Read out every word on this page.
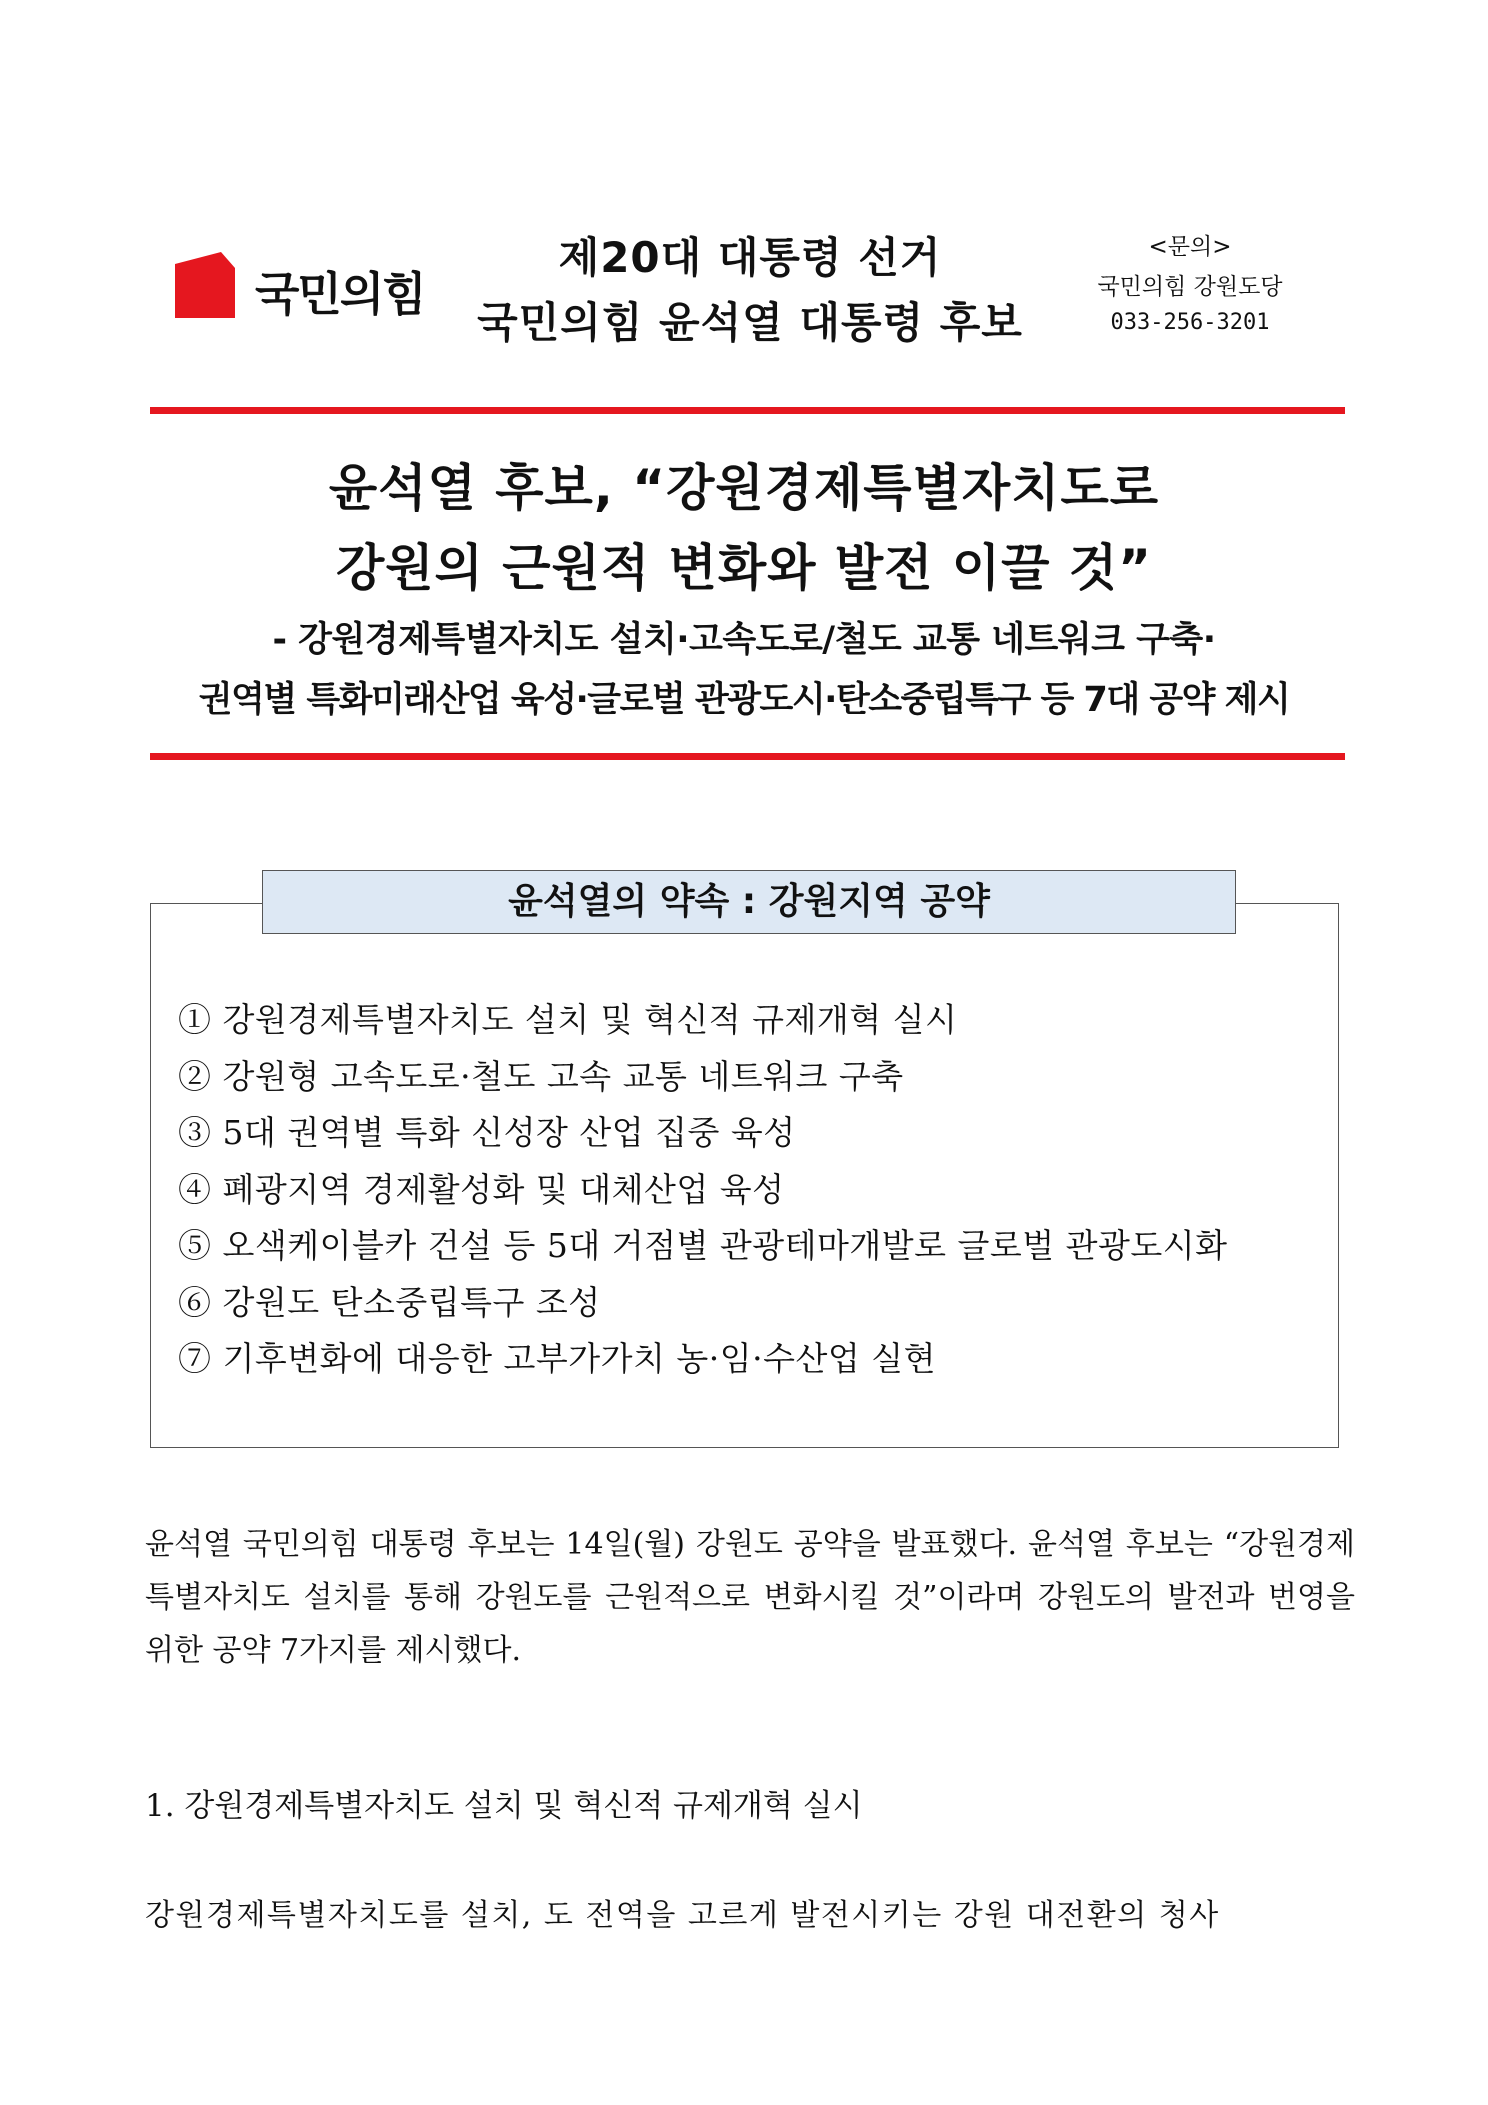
국민의힘
제20대 대통령 선거
국민의힘 윤석열 대통령 후보
<문의>
국민의힘 강원도당
033-256-3201
윤석열 후보, “강원경제특별자치도로
강원의 근원적 변화와 발전 이끌 것”
- 강원경제특별자치도 설치·고속도로/철도 교통 네트워크 구축·
권역별 특화미래산업 육성·글로벌 관광도시·탄소중립특구 등 7대 공약 제시
윤석열의 약속 : 강원지역 공약
① 강원경제특별자치도 설치 및 혁신적 규제개혁 실시
② 강원형 고속도로·철도 고속 교통 네트워크 구축
③ 5대 권역별 특화 신성장 산업 집중 육성
④ 폐광지역 경제활성화 및 대체산업 육성
⑤ 오색케이블카 건설 등 5대 거점별 관광테마개발로 글로벌 관광도시화
⑥ 강원도 탄소중립특구 조성
⑦ 기후변화에 대응한 고부가가치 농·임·수산업 실현

윤석열 국민의힘 대통령 후보는 14일(월) 강원도 공약을 발표했다. 윤석열 후보는 “강원경제특별자치도 설치를 통해 강원도를 근원적으로 변화시킬 것”이라며 강원도의 발전과 번영을 위한 공약 7가지를 제시했다.

1. 강원경제특별자치도 설치 및 혁신적 규제개혁 실시

강원경제특별자치도를 설치, 도 전역을 고르게 발전시키는 강원 대전환의 청사
